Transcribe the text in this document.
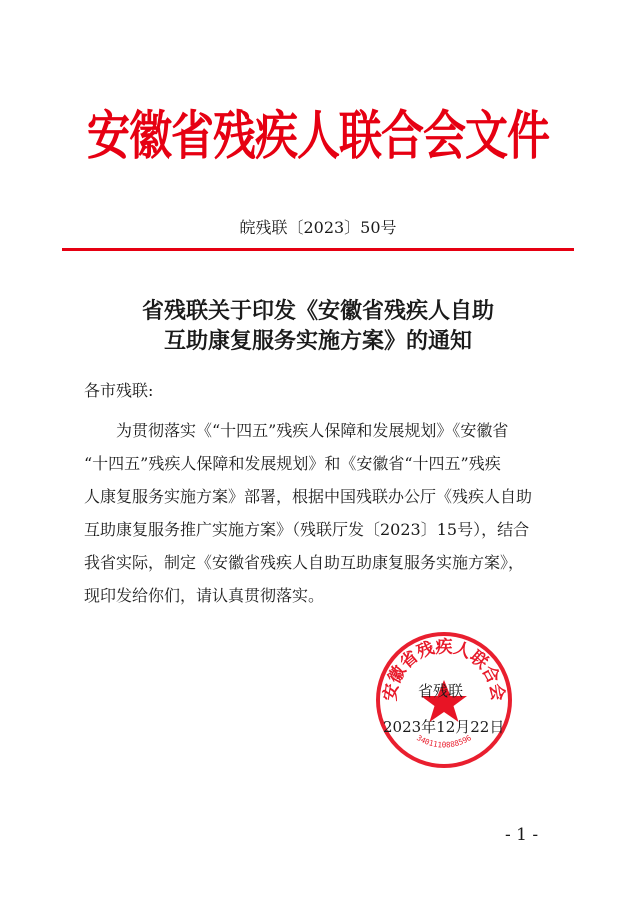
安徽省残疾人联合会文件
皖残联〔2023〕50号
省残联关于印发《安徽省残疾人自助
互助康复服务实施方案》的通知
各市残联:
为贯彻落实《“十四五”残疾人保障和发展规划》《安徽省
“十四五”残疾人保障和发展规划》和《安徽省“十四五”残疾
人康复服务实施方案》部署，根据中国残联办公厅《残疾人自助
互助康复服务推广实施方案》（残联厅发〔2023〕15号），结合
我省实际，制定《安徽省残疾人自助互助康复服务实施方案》，
现印发给你们，请认真贯彻落实。
安徽省残疾人联合会
3401110888596
省残联
2023年12月22日
- 1 -
